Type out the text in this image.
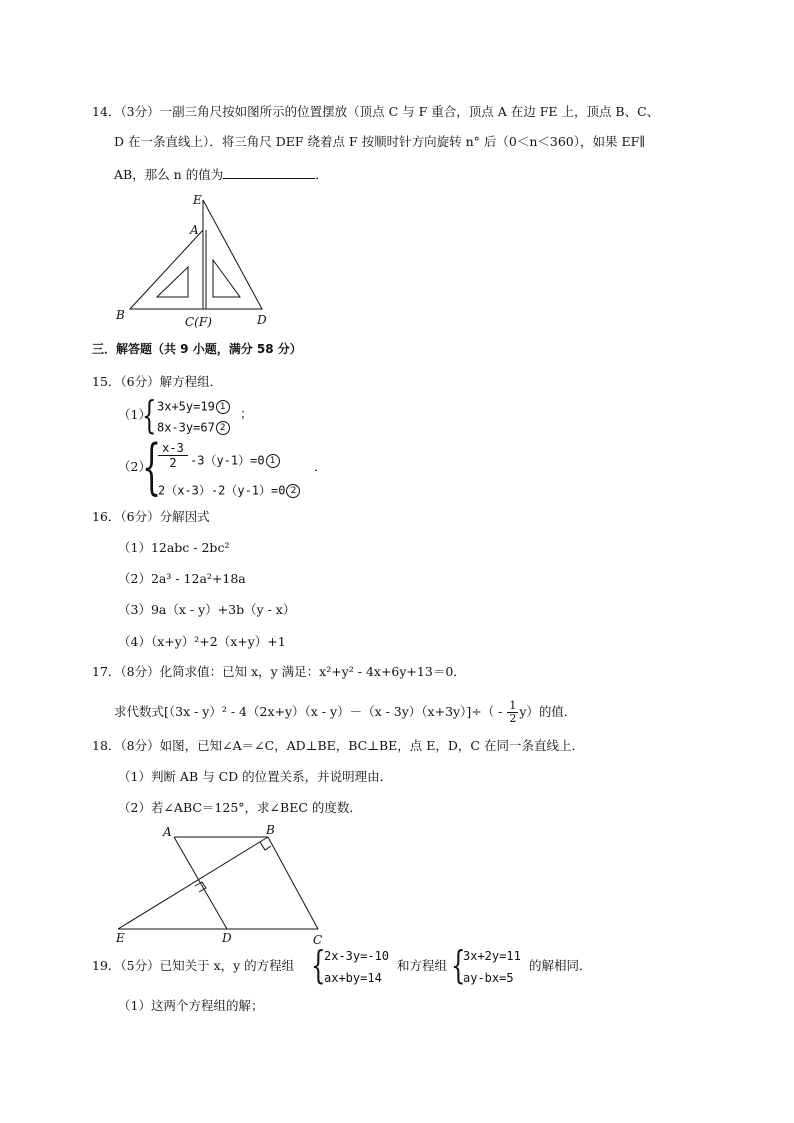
14．（3分）一副三角尺按如图所示的位置摆放（顶点 C 与 F 重合，顶点 A 在边 FE 上，顶点 B、C、
D 在一条直线上）．将三角尺 DEF 绕着点 F 按顺时针方向旋转 n° 后（0＜n＜360），如果 EF∥
AB，那么 n 的值为	．
E
A
B	C(F)	D
三．解答题（共 9 小题，满分 58 分）
15．（6分）解方程组．
（1）
{ 3x+5y=19 1
8x-3y=67 2
；
（2）
{ x-3
2	-3（y-1）=0 1	．
2（x-3）-2（y-1）=0 2
16．（6分）分解因式
（1）12abc - 2bc²
（2）2a³ - 12a²+18a
（3）9a（x - y）+3b（y - x）
（4）（x+y）²+2（x+y）+1
17．（8分）化简求值：已知 x，y 满足：x²+y² - 4x+6y+13＝0．
求代数式$[(3x - y)^2 - 4(2x+y)(x - y)-(x - 3y)(x+3y)]\div( - \frac{1}{2} y)$的值．
18．（8分）如图，已知∠A＝∠C，AD⊥BE，BC⊥BE，点 E，D，C 在同一条直线上．
（1）判断 AB 与 CD 的位置关系，并说明理由．
（2）若∠ABC＝125°，求∠BEC 的度数．
A	B
E	D	C
19．（5分）已知关于 x，y 的方程组 {
2x-3y=-10
ax+by=14
和方程组 {
3x+2y=11
ay-bx=5
的解相同．
（1）这两个方程组的解；
